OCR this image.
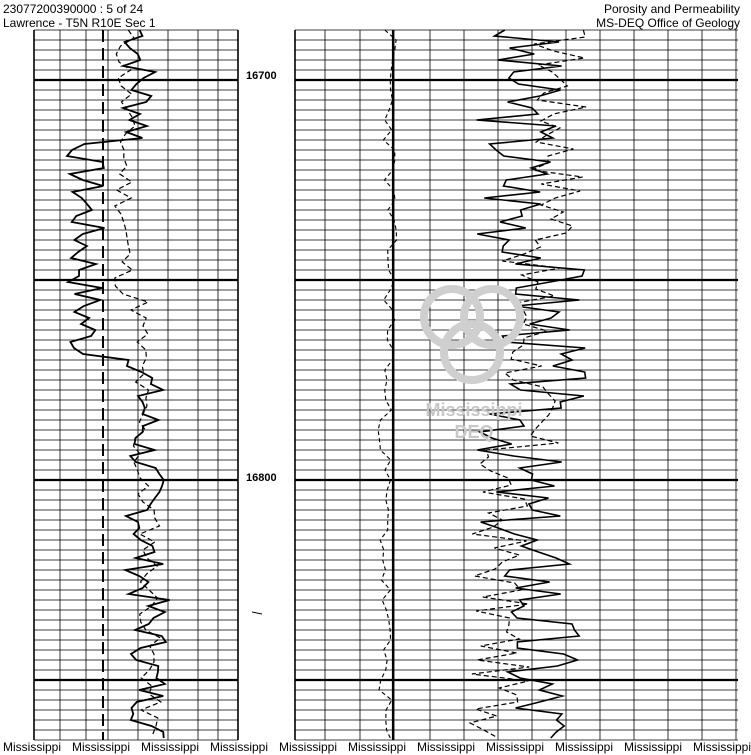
23077200390000 : 5 of 24
Lawrence - T5N R10E Sec 1
Porosity and Permeability
MS-DEQ Office of Geology
16700
16800
Mississippi
DEQ
Mississippi Mississippi Mississippi Mississippi Mississippi Mississippi Mississippi Mississippi Mississippi Mississippi Mississippi
